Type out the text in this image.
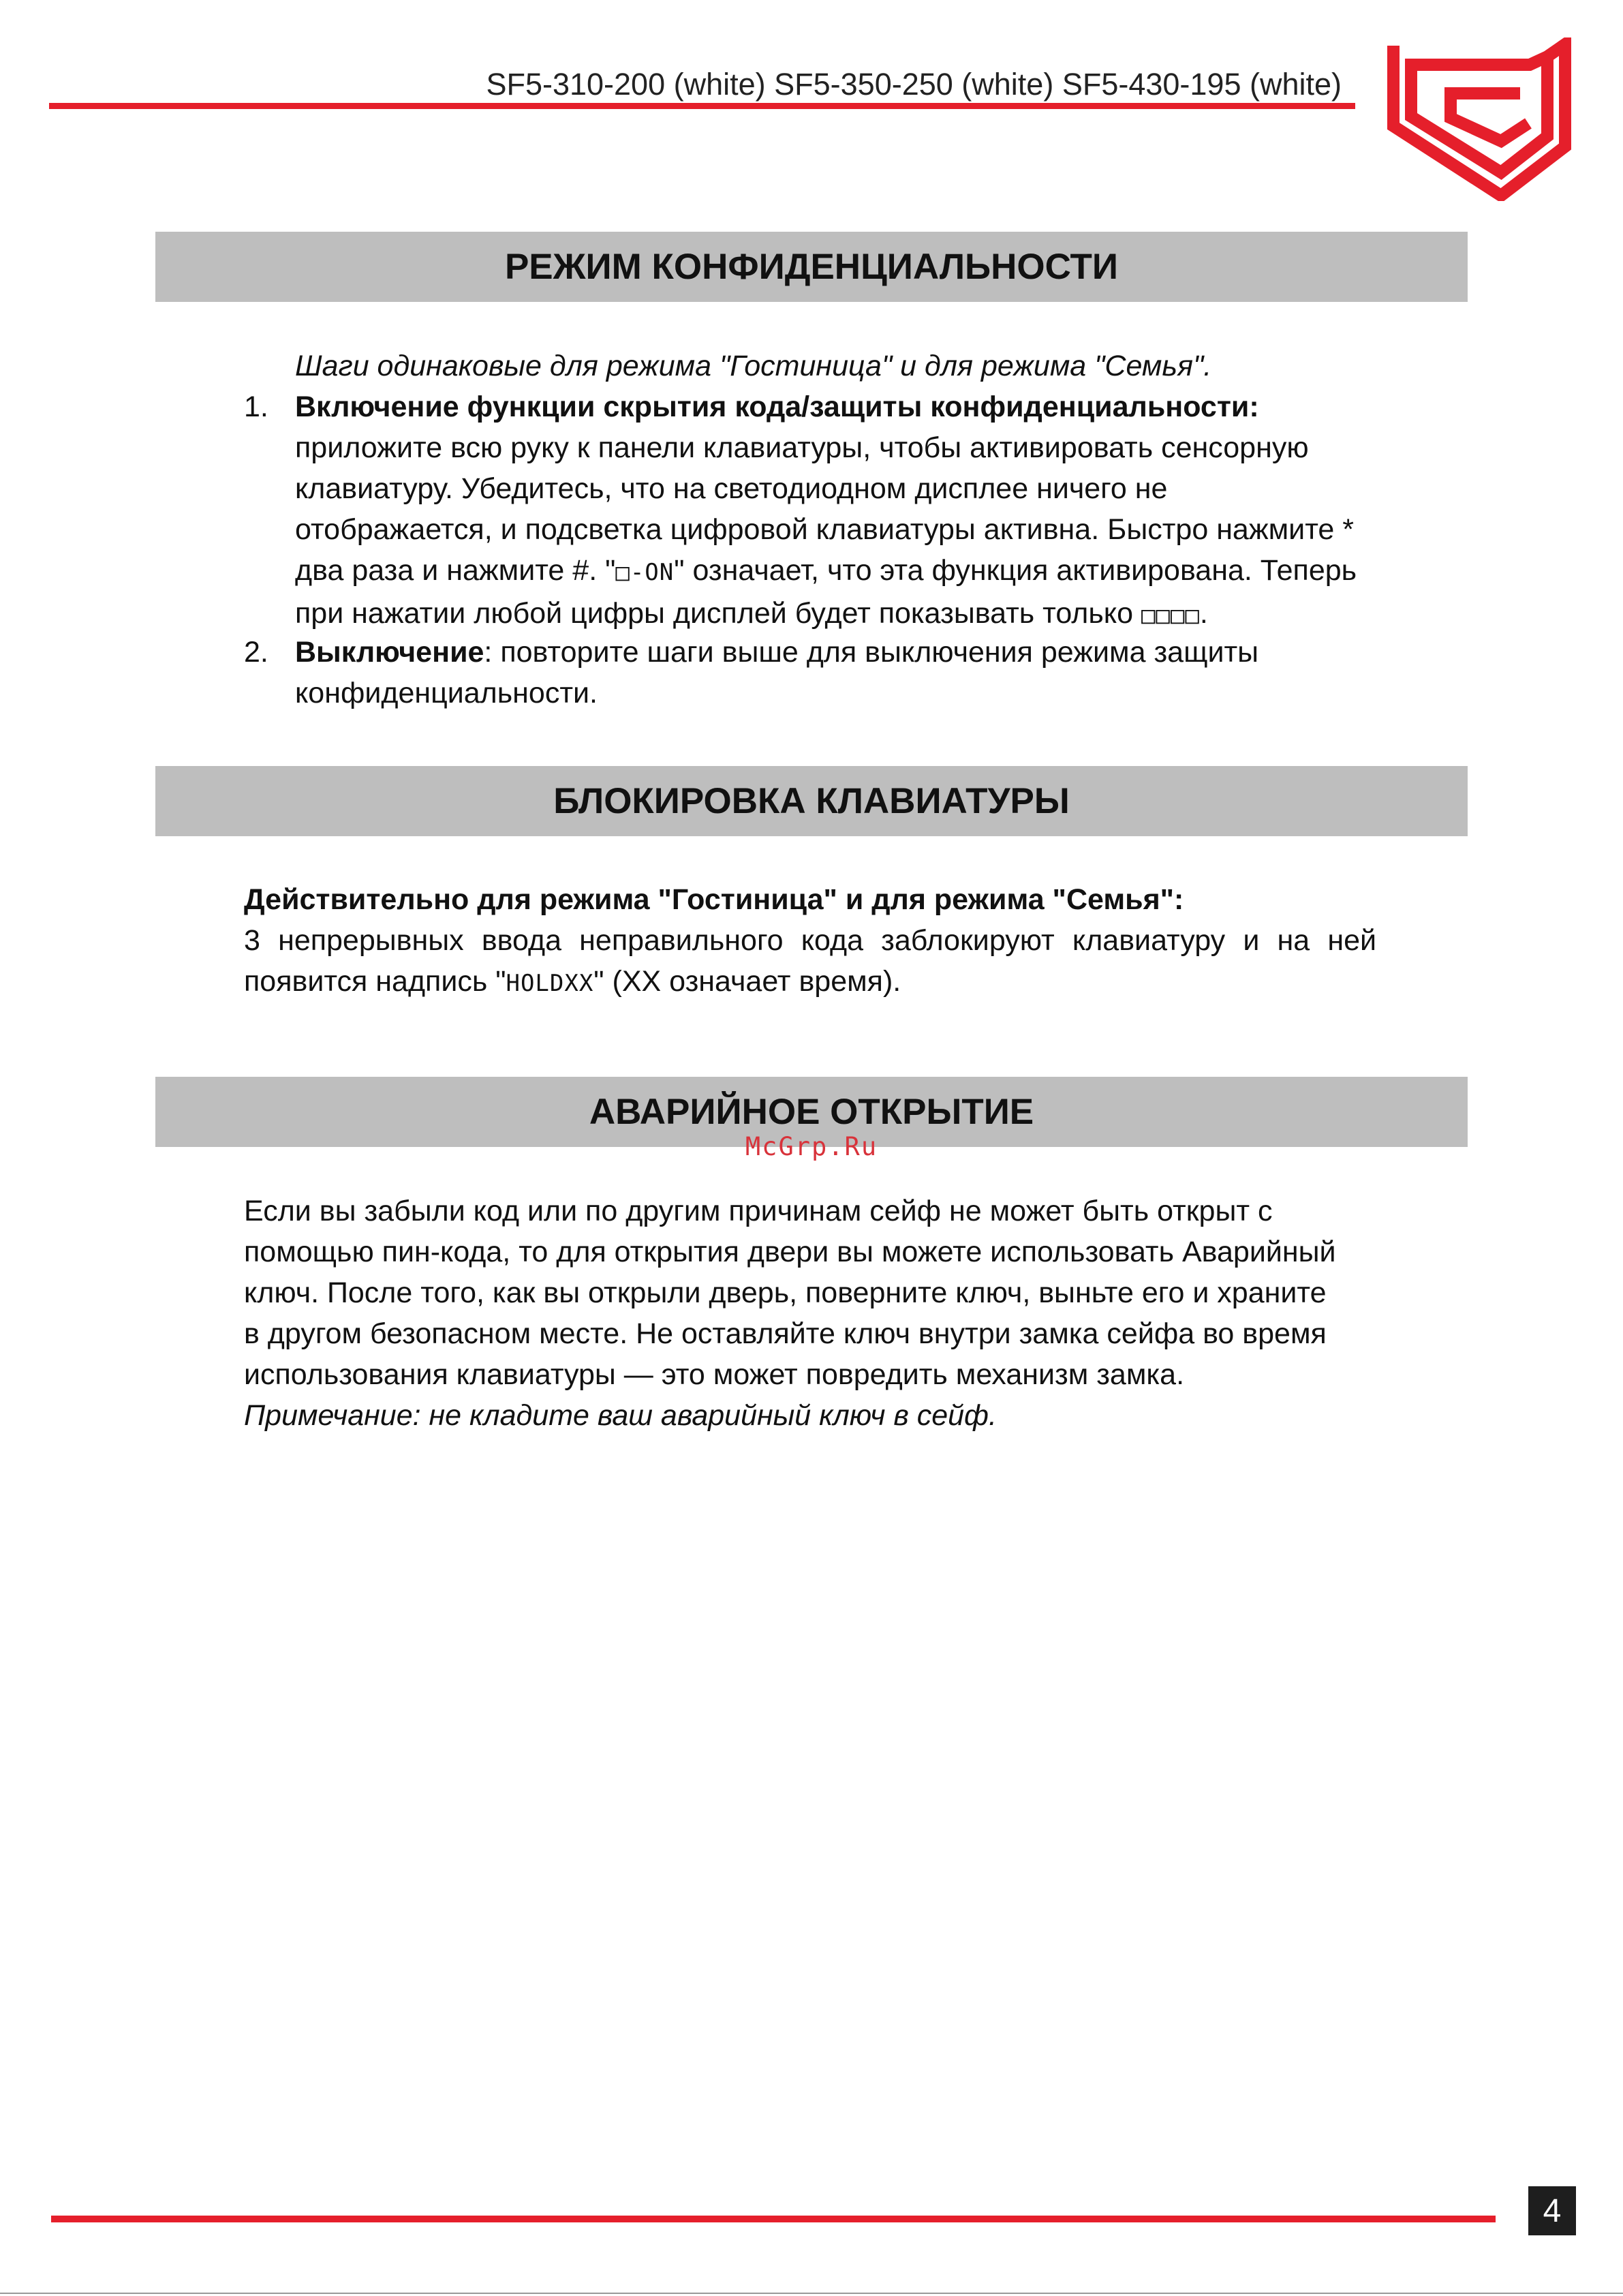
SF5-310-200 (white) SF5-350-250 (white) SF5-430-195 (white)
РЕЖИМ КОНФИДЕНЦИАЛЬНОСТИ
Шаги одинаковые для режима "Гостиница" и для режима "Семья".
1. Включение функции скрытия кода/защиты конфиденциальности:

приложите всю руку к панели клавиатуры, чтобы активировать сенсорную

клавиатуру. Убедитесь, что на светодиодном дисплее ничего не

отображается, и подсветка цифровой клавиатуры активна. Быстро нажмите *

два раза и нажмите #. "□-ON" означает, что эта функция активирована. Теперь

при нажатии любой цифры дисплей будет показывать только □□□□.

2. Выключение: повторите шаги выше для выключения режима защиты

конфиденциальности.

БЛОКИРОВКА КЛАВИАТУРЫ

Действительно для режима "Гостиница" и для режима "Семья":

3 непрерывных ввода неправильного кода заблокируют клавиатуру и на ней

появится надпись "HOLDXX" (XX означает время).

АВАРИЙНОЕ ОТКРЫТИЕ
McGrp.Ru

Если вы забыли код или по другим причинам сейф не может быть открыт с

помощью пин-кода, то для открытия двери вы можете использовать Аварийный

ключ. После того, как вы открыли дверь, поверните ключ, выньте его и храните

в другом безопасном месте. Не оставляйте ключ внутри замка сейфа во время

использования клавиатуры — это может повредить механизм замка.

Примечание: не кладите ваш аварийный ключ в сейф.

4
